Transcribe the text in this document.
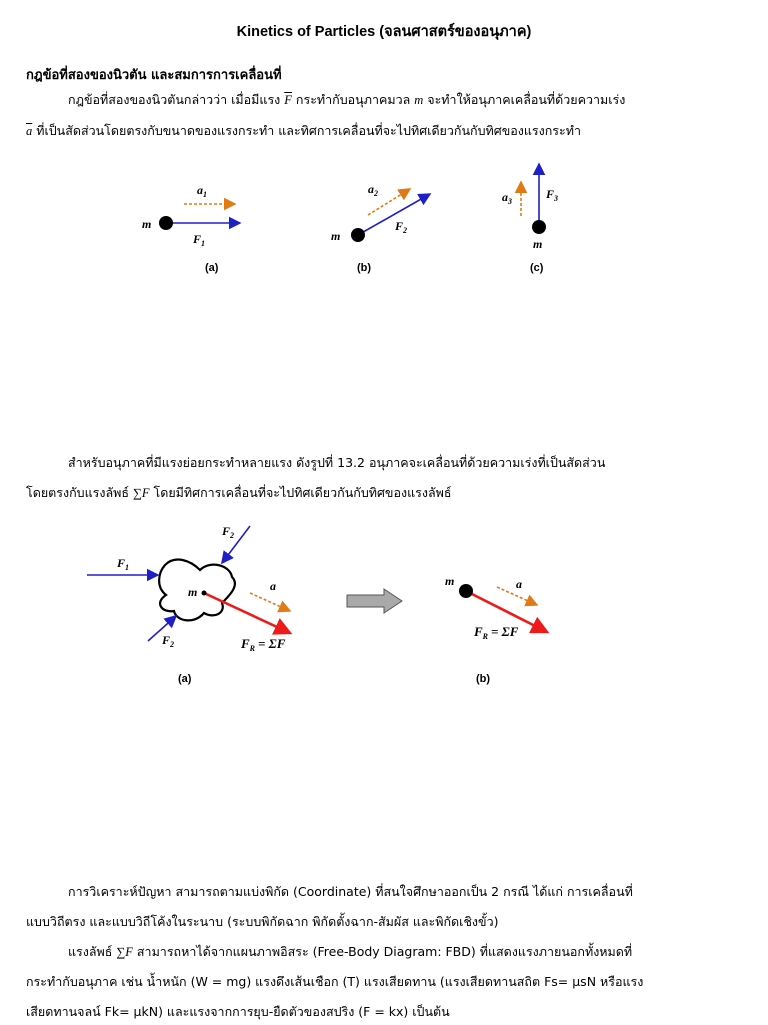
Kinetics of Particles (จลนศาสตร์ของอนุภาค)
กฎข้อที่สองของนิวตัน และสมการการเคลื่อนที่
กฎข้อที่สองของนิวตันกล่าวว่า เมื่อมีแรง $\overline{F}$ กระทำกับอนุภาคมวล m จะทำให้อนุภาคเคลื่อนที่ด้วยความเร่ง
$\overline{a}$ ที่เป็นสัดส่วนโดยตรงกับขนาดของแรงกระทำ และทิศการเคลื่อนที่จะไปทิศเดียวกันกับทิศของแรงกระทำ
m
$a_1$
$F_1$
(a)
m
$a_2$
$F_2$
(b)
m
$a_3$
$F_3$
(c)
สำหรับอนุภาคที่มีแรงย่อยกระทำหลายแรง ดังรูปที่ 13.2 อนุภาคจะเคลื่อนที่ด้วยความเร่งที่เป็นสัดส่วน
โดยตรงกับแรงลัพธ์ ∑F โดยมีทิศการเคลื่อนที่จะไปทิศเดียวกันกับทิศของแรงลัพธ์
m
$F_1$
$F_2$
$F_2$
a
$F_R = \Sigma F$
(a)
m	a
$F_R = \Sigma F$
(b)
การวิเคราะห์ปัญหา สามารถตามแบ่งพิกัด (Coordinate) ที่สนใจศึกษาออกเป็น 2 กรณี ได้แก่ การเคลื่อนที่
แบบวิถีตรง และแบบวิถีโค้งในระนาบ (ระบบพิกัดฉาก พิกัดตั้งฉาก-สัมผัส และพิกัดเชิงขั้ว)
แรงลัพธ์ ∑F สามารถหาได้จากแผนภาพอิสระ (Free-Body Diagram: FBD) ที่แสดงแรงภายนอกทั้งหมดที่
กระทำกับอนุภาค เช่น น้ำหนัก (W = mg) แรงดึงเส้นเชือก (T) แรงเสียดทาน (แรงเสียดทานสถิต Fs= μsN หรือแรง
เสียดทานจลน์ Fk= μkN) และแรงจากการยุบ-ยืดตัวของสปริง (F = kx) เป็นต้น
